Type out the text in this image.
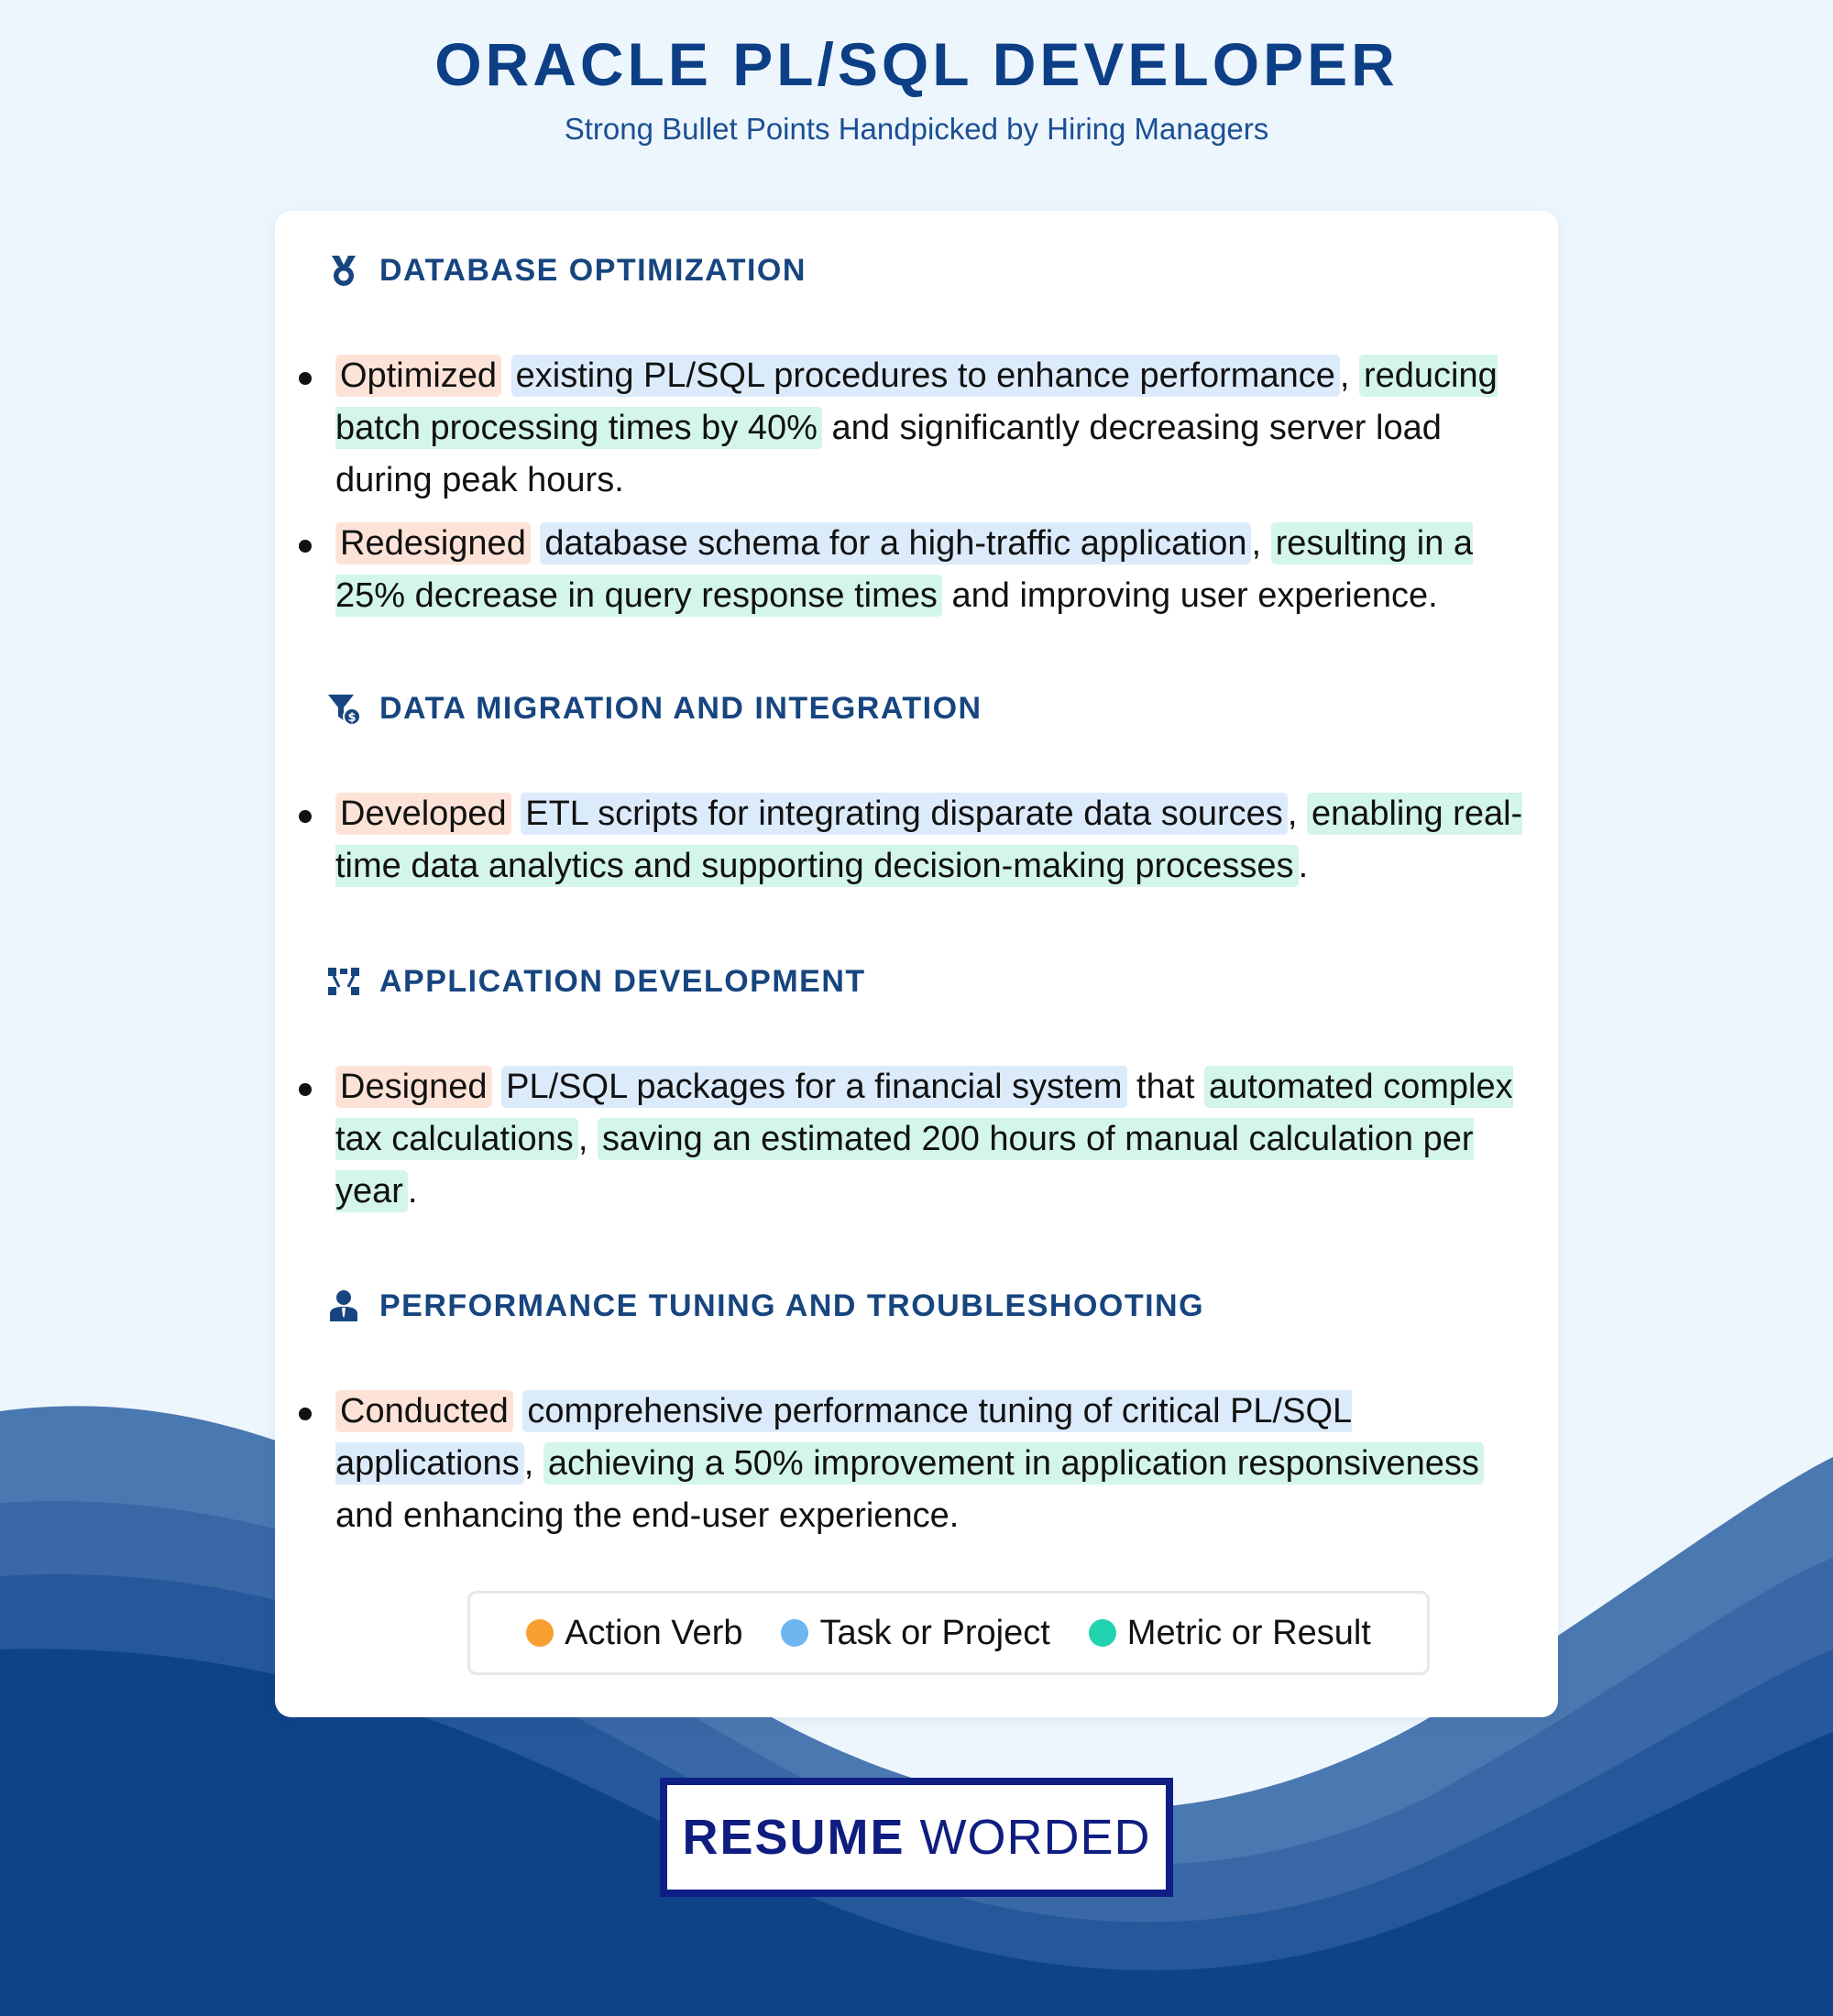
ORACLE PL/SQL DEVELOPER

Strong Bullet Points Handpicked by Hiring Managers

DATABASE OPTIMIZATION
Optimized existing PL/SQL procedures to enhance performance , reducing batch processing times by 40% and significantly decreasing server load during peak hours.
Redesigned database schema for a high-traffic application , resulting in a 25% decrease in query response times and improving user experience.
$ DATA MIGRATION AND INTEGRATION
Developed ETL scripts for integrating disparate data sources , enabling real-time data analytics and supporting decision-making processes .
APPLICATION DEVELOPMENT
Designed PL/SQL packages for a financial system that automated complex tax calculations , saving an estimated 200 hours of manual calculation per year .
PERFORMANCE TUNING AND TROUBLESHOOTING
Conducted comprehensive performance tuning of critical PL/SQL applications , achieving a 50% improvement in application responsiveness and enhancing the end-user experience.
Action Verb Task or Project Metric or Result
RESUME WORDED
